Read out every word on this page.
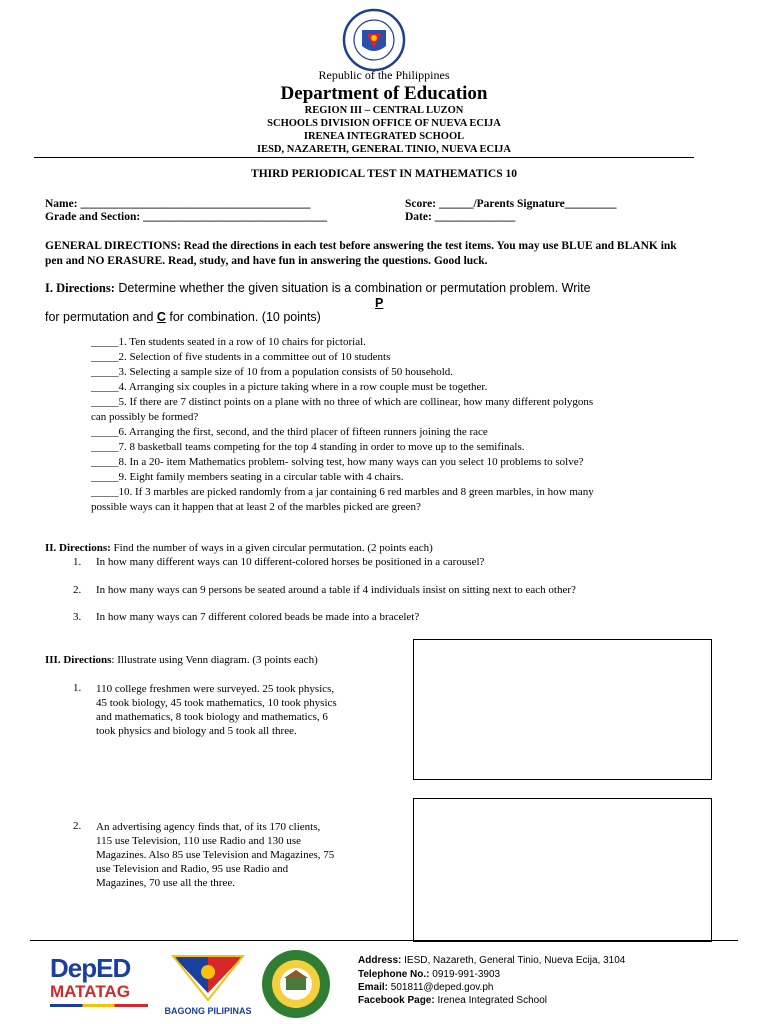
Republic of the Philippines
Department of Education
REGION III – CENTRAL LUZON
SCHOOLS DIVISION OFFICE OF NUEVA ECIJA
IRENEA INTEGRATED SCHOOL
IESD, NAZARETH, GENERAL TINIO, NUEVA ECIJA
THIRD PERIODICAL TEST IN MATHEMATICS 10
Name: ________________________________________
Grade and Section: ________________________________
Score: ______/Parents Signature_________
Date: ______________
GENERAL DIRECTIONS: Read the directions in each test before answering the test items. You may use BLUE and BLANK ink pen and NO ERASURE. Read, study, and have fun in answering the questions. Good luck.
I. Directions: Determine whether the given situation is a combination or permutation problem. Write
P
for permutation and C for combination. (10 points)
_____1. Ten students seated in a row of 10 chairs for pictorial.
_____2. Selection of five students in a committee out of 10 students
_____3. Selecting a sample size of 10 from a population consists of 50 household.
_____4. Arranging six couples in a picture taking where in a row couple must be together.
_____5. If there are 7 distinct points on a plane with no three of which are collinear, how many different polygons
can possibly be formed?
_____6. Arranging the first, second, and the third placer of fifteen runners joining the race
_____7. 8 basketball teams competing for the top 4 standing in order to move up to the semifinals.
_____8. In a 20- item Mathematics problem- solving test, how many ways can you select 10 problems to solve?
_____9. Eight family members seating in a circular table with 4 chairs.
_____10. If 3 marbles are picked randomly from a jar containing 6 red marbles and 8 green marbles, in how many
possible ways can it happen that at least 2 of the marbles picked are green?
II. Directions: Find the number of ways in a given circular permutation. (2 points each)
1. In how many different ways can 10 different-colored horses be positioned in a carousel?
2. In how many ways can 9 persons be seated around a table if 4 individuals insist on sitting next to each other?
3. In how many ways can 7 different colored beads be made into a bracelet?
III. Directions: Illustrate using Venn diagram. (3 points each)
1. 110 college freshmen were surveyed. 25 took physics,
45 took biology, 45 took mathematics, 10 took physics
and mathematics, 8 took biology and mathematics, 6
took physics and biology and 5 took all three.
2. An advertising agency finds that, of its 170 clients,
115 use Television, 110 use Radio and 130 use
Magazines. Also 85 use Television and Magazines, 75
use Television and Radio, 95 use Radio and
Magazines, 70 use all the three.
DepED
MATATAG
BAGONG PILIPINAS
Address: IESD, Nazareth, General Tinio, Nueva Ecija, 3104
Telephone No.: 0919-991-3903
Email: 501811@deped.gov.ph
Facebook Page: Irenea Integrated School
